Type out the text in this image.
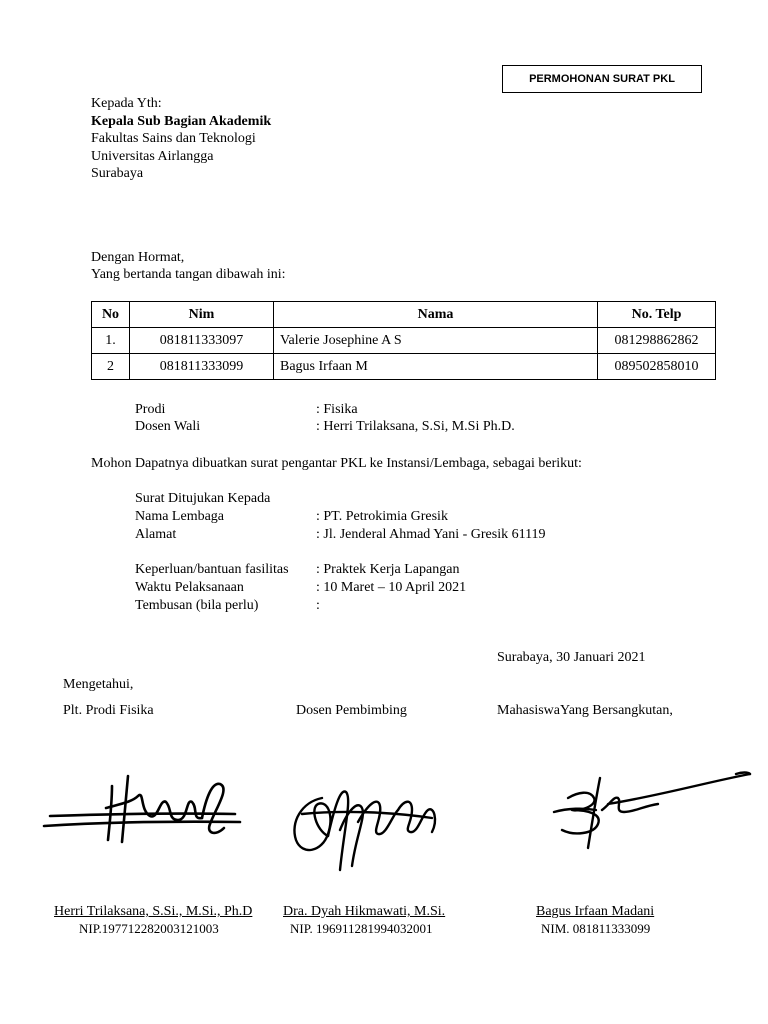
PERMOHONAN SURAT PKL
Kepada Yth:
Kepala Sub Bagian Akademik
Fakultas Sains dan Teknologi
Universitas Airlangga
Surabaya
Dengan Hormat,
Yang bertanda tangan dibawah ini:
No	Nim	Nama	No. Telp
1.	081811333097	Valerie Josephine A S	081298862862
2	081811333099	Bagus Irfaan M	089502858010
Prodi	: Fisika
Dosen Wali	: Herri Trilaksana, S.Si, M.Si Ph.D.
Mohon Dapatnya dibuatkan surat pengantar PKL ke Instansi/Lembaga, sebagai berikut:
Surat Ditujukan Kepada
Nama Lembaga	: PT. Petrokimia Gresik
Alamat	: Jl. Jenderal Ahmad Yani - Gresik 61119
Keperluan/bantuan fasilitas : Praktek Kerja Lapangan
Waktu Pelaksanaan	: 10 Maret – 10 April 2021
Tembusan (bila perlu)	:
Surabaya, 30 Januari 2021
Mengetahui,
Plt. Prodi Fisika	Dosen Pembimbing	MahasiswaYang Bersangkutan,
Herri Trilaksana, S.Si., M.Si., Ph.D
NIP.197712282003121003
Dra. Dyah Hikmawati, M.Si.
NIP. 196911281994032001
Bagus Irfaan Madani
NIM. 081811333099
